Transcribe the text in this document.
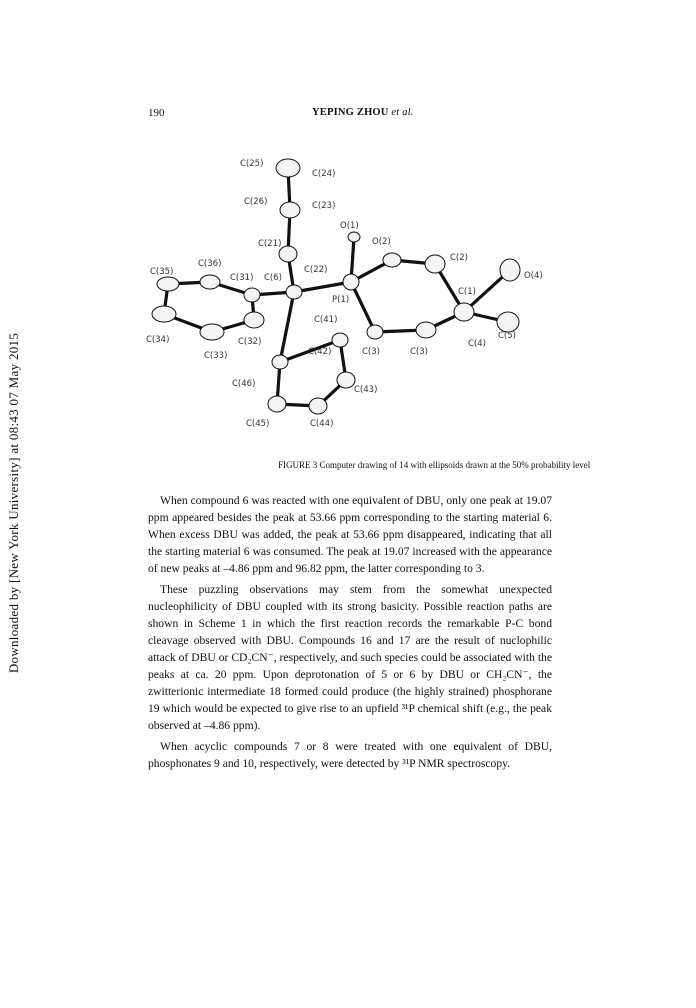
190	YEPING ZHOU et al.
Downloaded by [New York University] at 08:43 07 May 2015
C(25)
C(24)
C(26)	C(23)
O(1)
C(21)	O(2)
C(2)
C(36)
C(35)
C(31) C(6)
C(22)
O(4)
P(1)
C(1)
C(41)
C(5)
C(34)	C(32)
C(33)	C(42)	C(3)	C(3)
C(4)
C(46)
C(43)
C(44)
C(45)
FIGURE 3 Computer drawing of 14 with ellipsoids drawn at the 50% probability level

When compound 6 was reacted with one equivalent of DBU, only one peak at 19.07 ppm appeared besides the peak at 53.66 ppm corresponding to the starting material 6. When excess DBU was added, the peak at 53.66 ppm disappeared, indicating that all the starting material 6 was consumed. The peak at 19.07 increased with the appearance of new peaks at –4.86 ppm and 96.82 ppm, the latter corresponding to 3.

These puzzling observations may stem from the somewhat unexpected nucleophilicity of DBU coupled with its strong basicity. Possible reaction paths are shown in Scheme 1 in which the first reaction records the remarkable P-C bond cleavage observed with DBU. Compounds 16 and 17 are the result of nuclophilic attack of DBU or CD₂CN⁻, respectively, and such species could be associated with the peaks at ca. 20 ppm. Upon deprotonation of 5 or 6 by DBU or CH₂CN⁻, the zwitterionic intermediate 18 formed could produce (the highly strained) phosphorane 19 which would be expected to give rise to an upfield ³¹P chemical shift (e.g., the peak observed at –4.86 ppm).

When acyclic compounds 7 or 8 were treated with one equivalent of DBU, phosphonates 9 and 10, respectively, were detected by ³¹P NMR spectroscopy.
